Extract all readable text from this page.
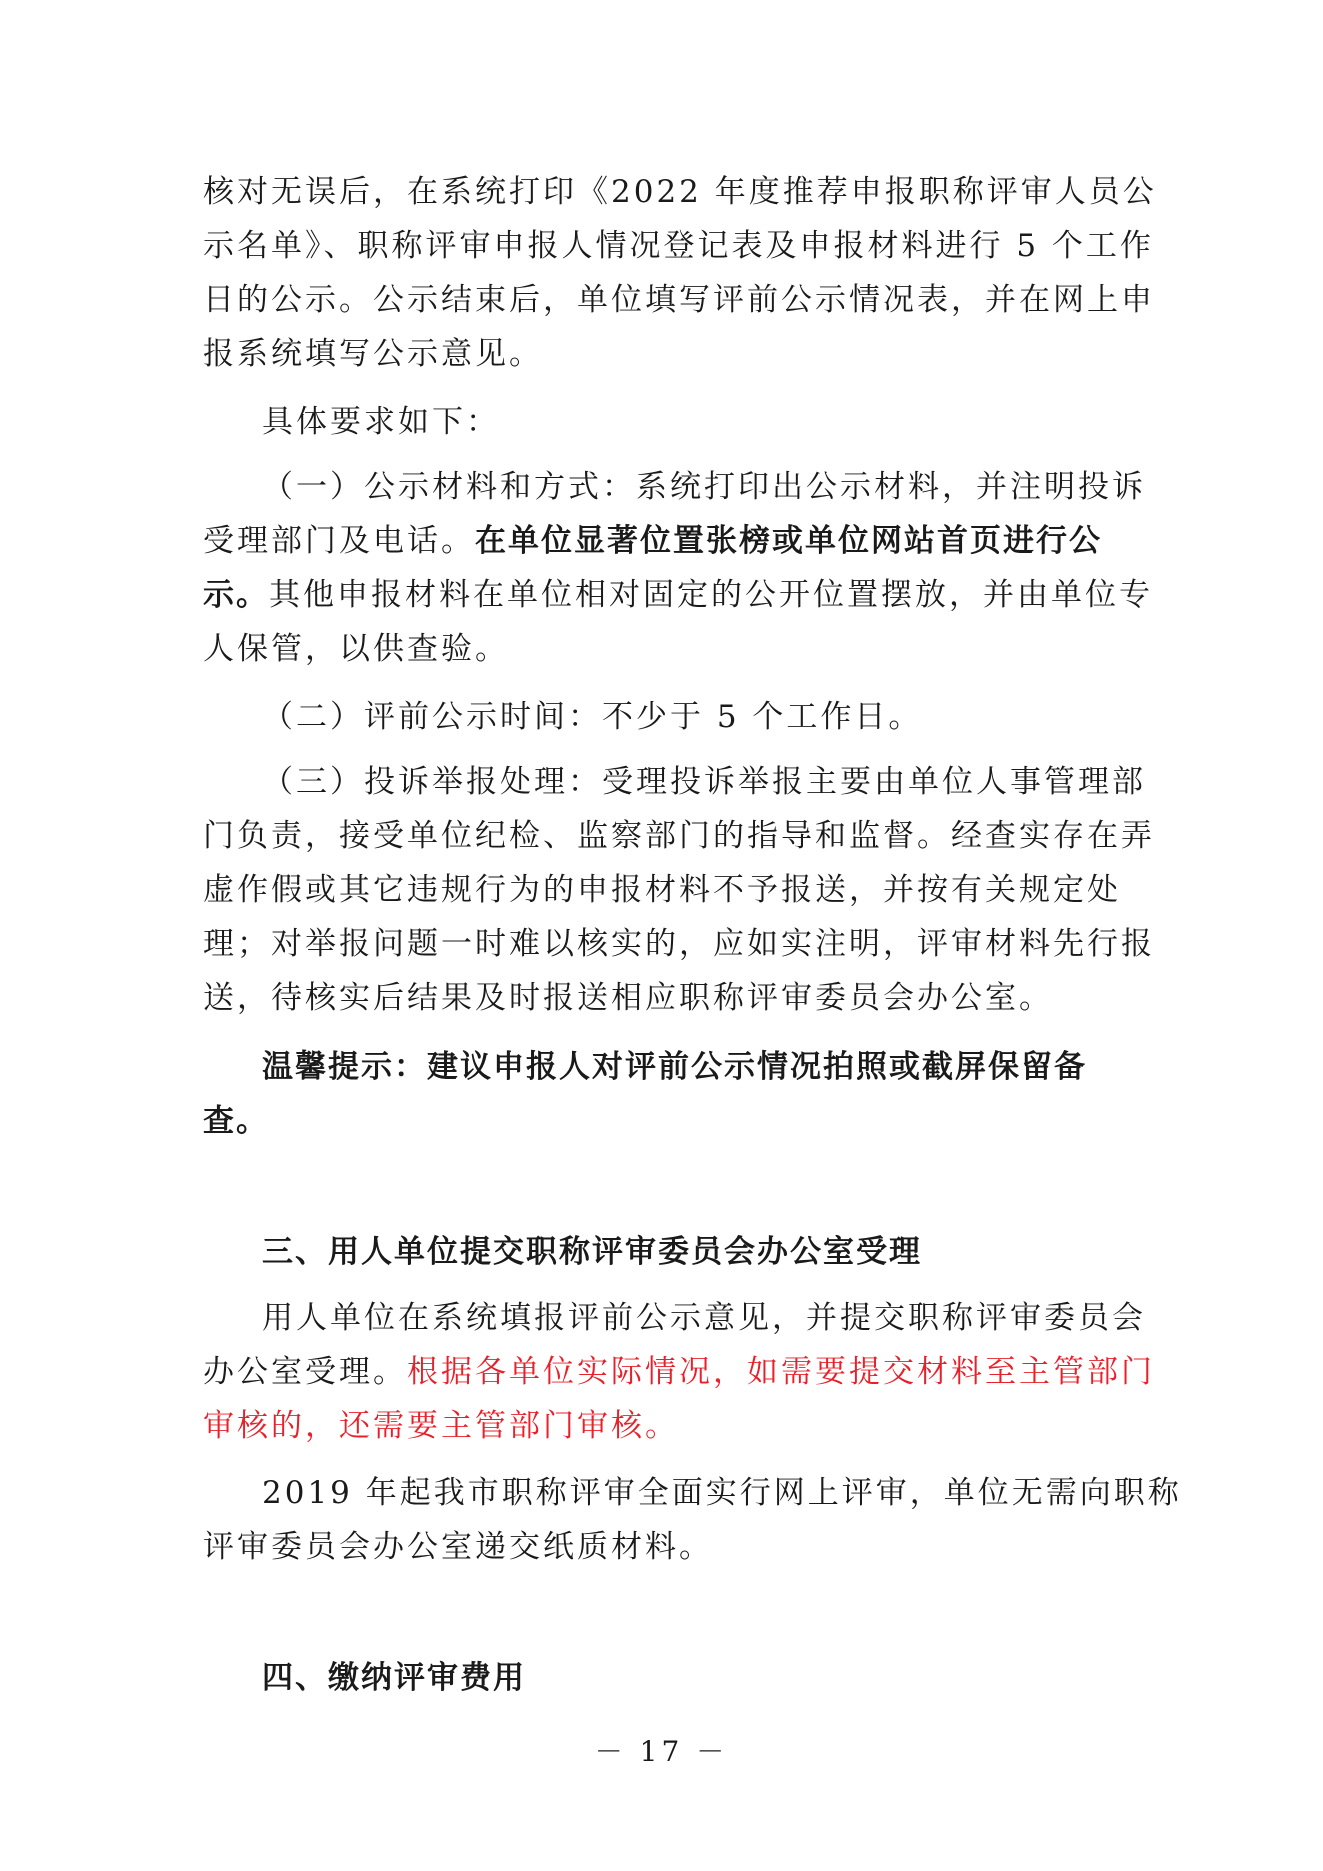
核对无误后，在系统打印《2022 年度推荐申报职称评审人员公
示名单》、职称评审申报人情况登记表及申报材料进行 5 个工作
日的公示。公示结束后，单位填写评前公示情况表，并在网上申
报系统填写公示意见。
具体要求如下：
（一）公示材料和方式：系统打印出公示材料，并注明投诉
受理部门及电话。在单位显著位置张榜或单位网站首页进行公
示。其他申报材料在单位相对固定的公开位置摆放，并由单位专
人保管，以供查验。
（二）评前公示时间：不少于 5 个工作日。
（三）投诉举报处理：受理投诉举报主要由单位人事管理部
门负责，接受单位纪检、监察部门的指导和监督。经查实存在弄
虚作假或其它违规行为的申报材料不予报送，并按有关规定处
理；对举报问题一时难以核实的，应如实注明，评审材料先行报
送，待核实后结果及时报送相应职称评审委员会办公室。
温馨提示：建议申报人对评前公示情况拍照或截屏保留备
查。
三、用人单位提交职称评审委员会办公室受理
用人单位在系统填报评前公示意见，并提交职称评审委员会
办公室受理。根据各单位实际情况，如需要提交材料至主管部门
审核的，还需要主管部门审核。
2019 年起我市职称评审全面实行网上评审，单位无需向职称
评审委员会办公室递交纸质材料。
四、缴纳评审费用
－ 17 －
